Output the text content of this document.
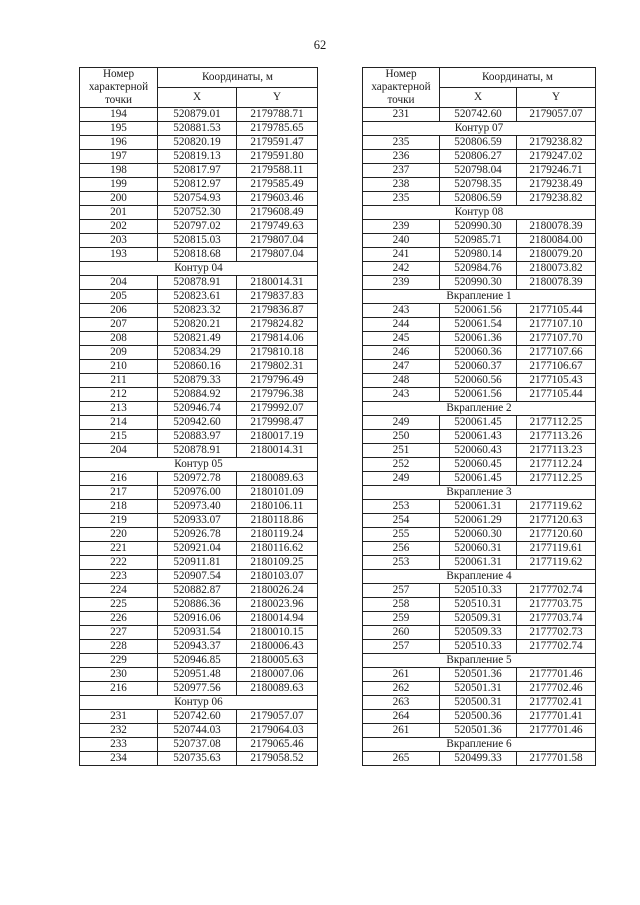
62
Номер характерной точки	Координаты, м	
	X	Y
194	520879.01	2179788.71
195	520881.53	2179785.65
196	520820.19	2179591.47
197	520819.13	2179591.80
198	520817.97	2179588.11
199	520812.97	2179585.49
200	520754.93	2179603.46
201	520752.30	2179608.49
202	520797.02	2179749.63
203	520815.03	2179807.04
193	520818.68	2179807.04
Контур 04		
204	520878.91	2180014.31
205	520823.61	2179837.83
206	520823.32	2179836.87
207	520820.21	2179824.82
208	520821.49	2179814.06
209	520834.29	2179810.18
210	520860.16	2179802.31
211	520879.33	2179796.49
212	520884.92	2179796.38
213	520946.74	2179992.07
214	520942.60	2179998.47
215	520883.97	2180017.19
204	520878.91	2180014.31
Контур 05		
216	520972.78	2180089.63
217	520976.00	2180101.09
218	520973.40	2180106.11
219	520933.07	2180118.86
220	520926.78	2180119.24
221	520921.04	2180116.62
222	520911.81	2180109.25
223	520907.54	2180103.07
224	520882.87	2180026.24
225	520886.36	2180023.96
226	520916.06	2180014.94
227	520931.54	2180010.15
228	520943.37	2180006.43
229	520946.85	2180005.63
230	520951.48	2180007.06
216	520977.56	2180089.63
Контур 06		
231	520742.60	2179057.07
232	520744.03	2179064.03
233	520737.08	2179065.46
234	520735.63	2179058.52
Номер характерной точки	Координаты, м	
	X	Y
231	520742.60	2179057.07
Контур 07		
235	520806.59	2179238.82
236	520806.27	2179247.02
237	520798.04	2179246.71
238	520798.35	2179238.49
235	520806.59	2179238.82
Контур 08		
239	520990.30	2180078.39
240	520985.71	2180084.00
241	520980.14	2180079.20
242	520984.76	2180073.82
239	520990.30	2180078.39
Вкрапление 1		
243	520061.56	2177105.44
244	520061.54	2177107.10
245	520061.36	2177107.70
246	520060.36	2177107.66
247	520060.37	2177106.67
248	520060.56	2177105.43
243	520061.56	2177105.44
Вкрапление 2		
249	520061.45	2177112.25
250	520061.43	2177113.26
251	520060.43	2177113.23
252	520060.45	2177112.24
249	520061.45	2177112.25
Вкрапление 3		
253	520061.31	2177119.62
254	520061.29	2177120.63
255	520060.30	2177120.60
256	520060.31	2177119.61
253	520061.31	2177119.62
Вкрапление 4		
257	520510.33	2177702.74
258	520510.31	2177703.75
259	520509.31	2177703.74
260	520509.33	2177702.73
257	520510.33	2177702.74
Вкрапление 5		
261	520501.36	2177701.46
262	520501.31	2177702.46
263	520500.31	2177702.41
264	520500.36	2177701.41
261	520501.36	2177701.46
Вкрапление 6		
265	520499.33	2177701.58
